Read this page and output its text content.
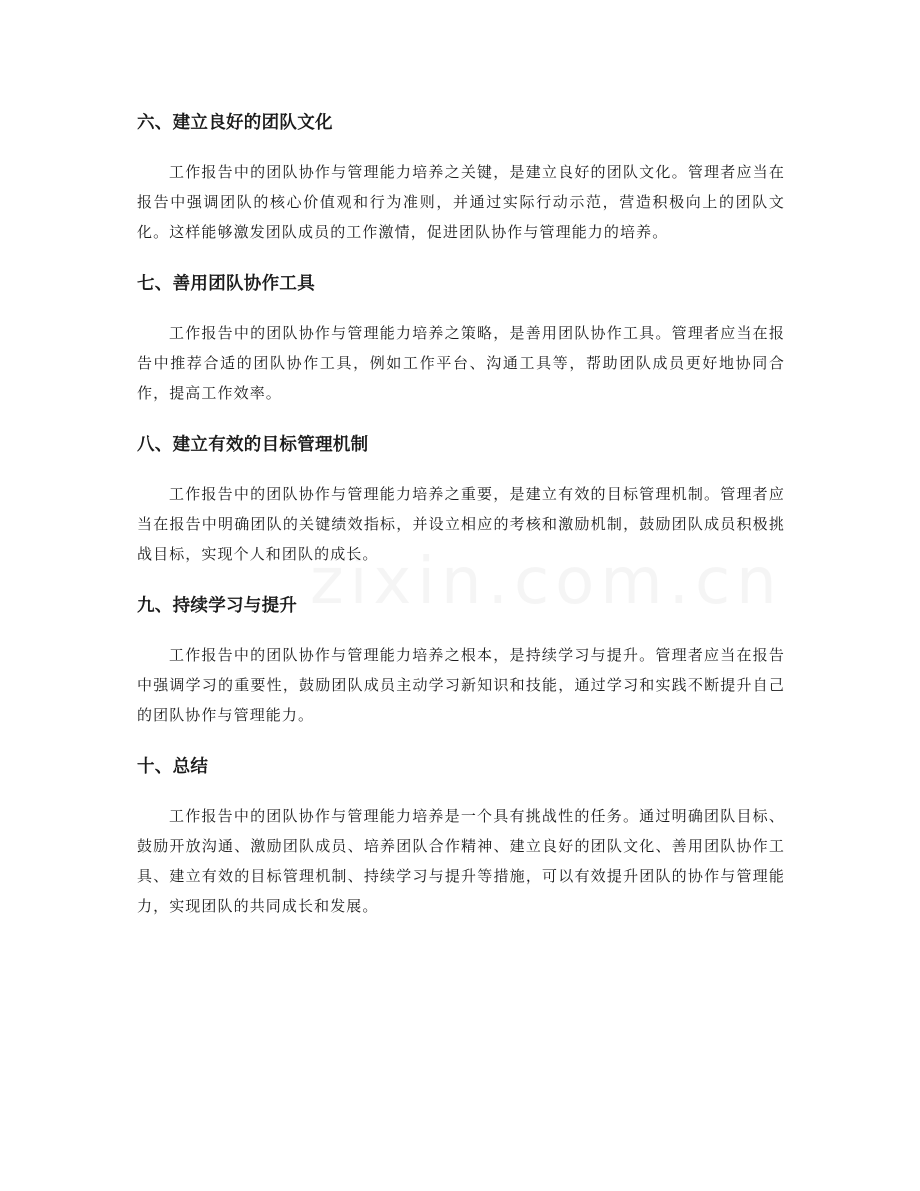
zixin.com.cn
六、建立良好的团队文化

工作报告中的团队协作与管理能力培养之关键，是建立良好的团队文化。管理者应当在报告中强调团队的核心价值观和行为准则，并通过实际行动示范，营造积极向上的团队文化。这样能够激发团队成员的工作激情，促进团队协作与管理能力的培养。

七、善用团队协作工具

工作报告中的团队协作与管理能力培养之策略，是善用团队协作工具。管理者应当在报告中推荐合适的团队协作工具，例如工作平台、沟通工具等，帮助团队成员更好地协同合作，提高工作效率。

八、建立有效的目标管理机制

工作报告中的团队协作与管理能力培养之重要，是建立有效的目标管理机制。管理者应当在报告中明确团队的关键绩效指标，并设立相应的考核和激励机制，鼓励团队成员积极挑战目标，实现个人和团队的成长。

九、持续学习与提升

工作报告中的团队协作与管理能力培养之根本，是持续学习与提升。管理者应当在报告中强调学习的重要性，鼓励团队成员主动学习新知识和技能，通过学习和实践不断提升自己的团队协作与管理能力。

十、总结

工作报告中的团队协作与管理能力培养是一个具有挑战性的任务。通过明确团队目标、鼓励开放沟通、激励团队成员、培养团队合作精神、建立良好的团队文化、善用团队协作工具、建立有效的目标管理机制、持续学习与提升等措施，可以有效提升团队的协作与管理能力，实现团队的共同成长和发展。
